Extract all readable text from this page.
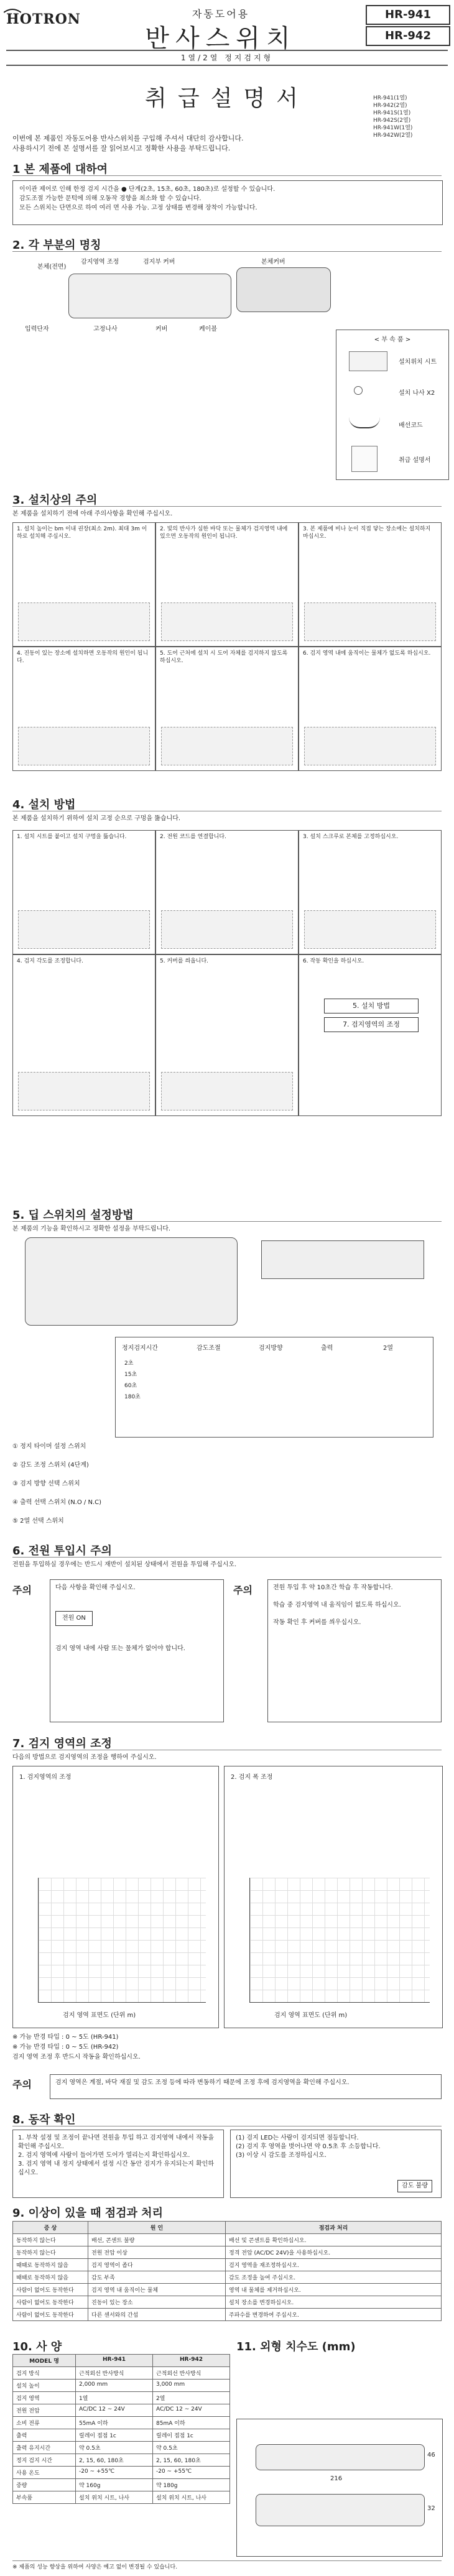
HOTRON	자동도어용
반사스위치
HR-941
HR-942
1열/2열 정지검지형
취급설명서	HR-941(1열)
HR-942(2열)
HR-941S(1열)
HR-942S(2열)
HR-941W(1열)
HR-942W(2열)
이번에 본 제품인 자동도어용 반사스위치를 구입해 주셔서 대단히 감사합니다.
사용하시기 전에 본 설명서를 잘 읽어보시고 정확한 사용을 부탁드립니다.
1 본 제품에 대하여
이이관 제어로 인해 한정 검지 시간을 ● 단계(2초, 15초, 60초, 180초)로 설정할 수 있습니다.
감도조절 가능한 문턱에 의해 오동작 경향을 최소화 할 수 있습니다.
모든 스위치는 단면으로 하여 여러 면 사용 가능. 고정 상태를 변경해 장착이 가능합니다.
2. 각 부분의 명칭
본체(전면)
감지영역 조정	검지부 커버
입력단자
본체커버
고정나사	커버	케이블
< 부 속 품 >
설치위치 시트
설치 나사 X2
배선코드
취급 설명서
3. 설치상의 주의
본 제품을 설치하기 전에 아래 주의사항을 확인해 주십시오.
1. 설치 높이는 bm 이내 권장(최소 2m). 최대 3m 이하로 설치해 주십시오.
2. 빛의 반사가 심한 바닥 또는 물체가 검지영역 내에 있으면 오동작의 원인이 됩니다.
3. 본 제품에 비나 눈이 직접 닿는 장소에는 설치하지 마십시오.
4. 진동이 있는 장소에 설치하면 오동작의 원인이 됩니다.
5. 도어 근처에 설치 시 도어 자체를 검지하지 않도록 하십시오.
6. 검지 영역 내에 움직이는 물체가 없도록 하십시오.
4. 설치 방법
본 제품을 설치하기 위하여 설치 고정 순으로 구멍을 뚫습니다.
1. 설치 시트를 붙이고 설치 구멍을 뚫습니다.	2. 전원 코드를 연결합니다.	3. 설치 스크루로 본체를 고정하십시오.
4. 검지 각도를 조정합니다.	5. 커버를 씌웁니다.	6. 작동 확인을 하십시오.
5. 설치 방법
7. 검지영역의 조정
5. 딥 스위치의 설정방법
본 제품의 기능을 확인하시고 정확한 설정을 부탁드립니다.
정지검지시간	감도조절	검지방향	출력	2열
2초
15초
60초
180초
① 정지 타이머 설정 스위치
② 감도 조정 스위치 (4단계)
③ 검지 방향 선택 스위치
④ 출력 선택 스위치 (N.O / N.C)
⑤ 2열 선택 스위치
6. 전원 투입시 주의
전원을 투입하실 경우에는 반드시 재반이 설치된 상태에서 전원을 투입해 주십시오.
주의	다음 사항을 확인해 주십시오.
전원 ON
검지 영역 내에 사람 또는 물체가 없어야 합니다.
주의	전원 투입 후 약 10초간 학습 후 작동합니다.
학습 중 검지영역 내 움직임이 없도록 하십시오.
작동 확인 후 커버를 씌우십시오.
7. 검지 영역의 조정
다음의 방법으로 검지영역의 조정을 행하여 주십시오.
1. 검지영역의 조정
검지 영역 표면도 (단위 m)
2. 검지 폭 조정
검지 영역 표면도 (단위 m)
※ 가늠 반경 타입 : 0 ~ 5도 (HR-941)
※ 가늠 반경 타입 : 0 ~ 5도 (HR-942)
검지 영역 조정 후 반드시 작동을 확인하십시오.
주의	검지 영역은 계절, 바닥 재질 및 감도 조정 등에 따라 변동하기 때문에 조정 후에 검지영역을 확인해 주십시오.
8. 동작 확인
1. 부착 설정 및 조정이 끝나면 전원을 투입 하고 검지영역 내에서 작동을 확인해 주십시오.
2. 검지 영역에 사람이 들어가면 도어가 열리는지 확인하십시오.
3. 검지 영역 내 정지 상태에서 설정 시간 동안 검지가 유지되는지 확인하십시오.
(1) 검지 LED는 사람이 검지되면 점등합니다.
(2) 검지 후 영역을 벗어나면 약 0.5초 후 소등합니다.
(3) 이상 시 감도를 조정하십시오.
감도 불량
9. 이상이 있을 때 점검과 처리
증 상	원 인	점검과 처리
동작하지 않는다	배선, 콘센트 불량	배선 및 콘센트를 확인하십시오.
동작하지 않는다	전원 전압 이상	정격 전압 (AC/DC 24V)을 사용하십시오.
때때로 동작하지 않음	검지 영역이 좁다	검지 영역을 재조정하십시오.
때때로 동작하지 않음	감도 부족	감도 조정을 높여 주십시오.
사람이 없어도 동작한다	검지 영역 내 움직이는 물체	영역 내 물체를 제거하십시오.
사람이 없어도 동작한다	진동이 있는 장소	설치 장소를 변경하십시오.
사람이 없어도 동작한다	다른 센서와의 간섭	주파수를 변경하여 주십시오.
10. 사 양
MODEL 명	HR-941	HR-942
검지 방식	근적외선 반사방식	근적외선 반사방식
설치 높이	2,000 mm	3,000 mm
검지 영역	1열	2열
전원 전압	AC/DC 12 ~ 24V	AC/DC 12 ~ 24V
소비 전류	55mA 이하	85mA 이하
출력	릴레이 접점 1c	릴레이 접점 1c
출력 유지시간	약 0.5초	약 0.5초
정지 검지 시간	2, 15, 60, 180초	2, 15, 60, 180초
사용 온도	-20 ~ +55℃	-20 ~ +55℃
중량	약 160g	약 180g
부속품	설치 위치 시트, 나사	설치 위치 시트, 나사
11. 외형 치수도 (mm)
216
46
32
※ 제품의 성능 향상을 위하여 사양은 예고 없이 변경될 수 있습니다.
